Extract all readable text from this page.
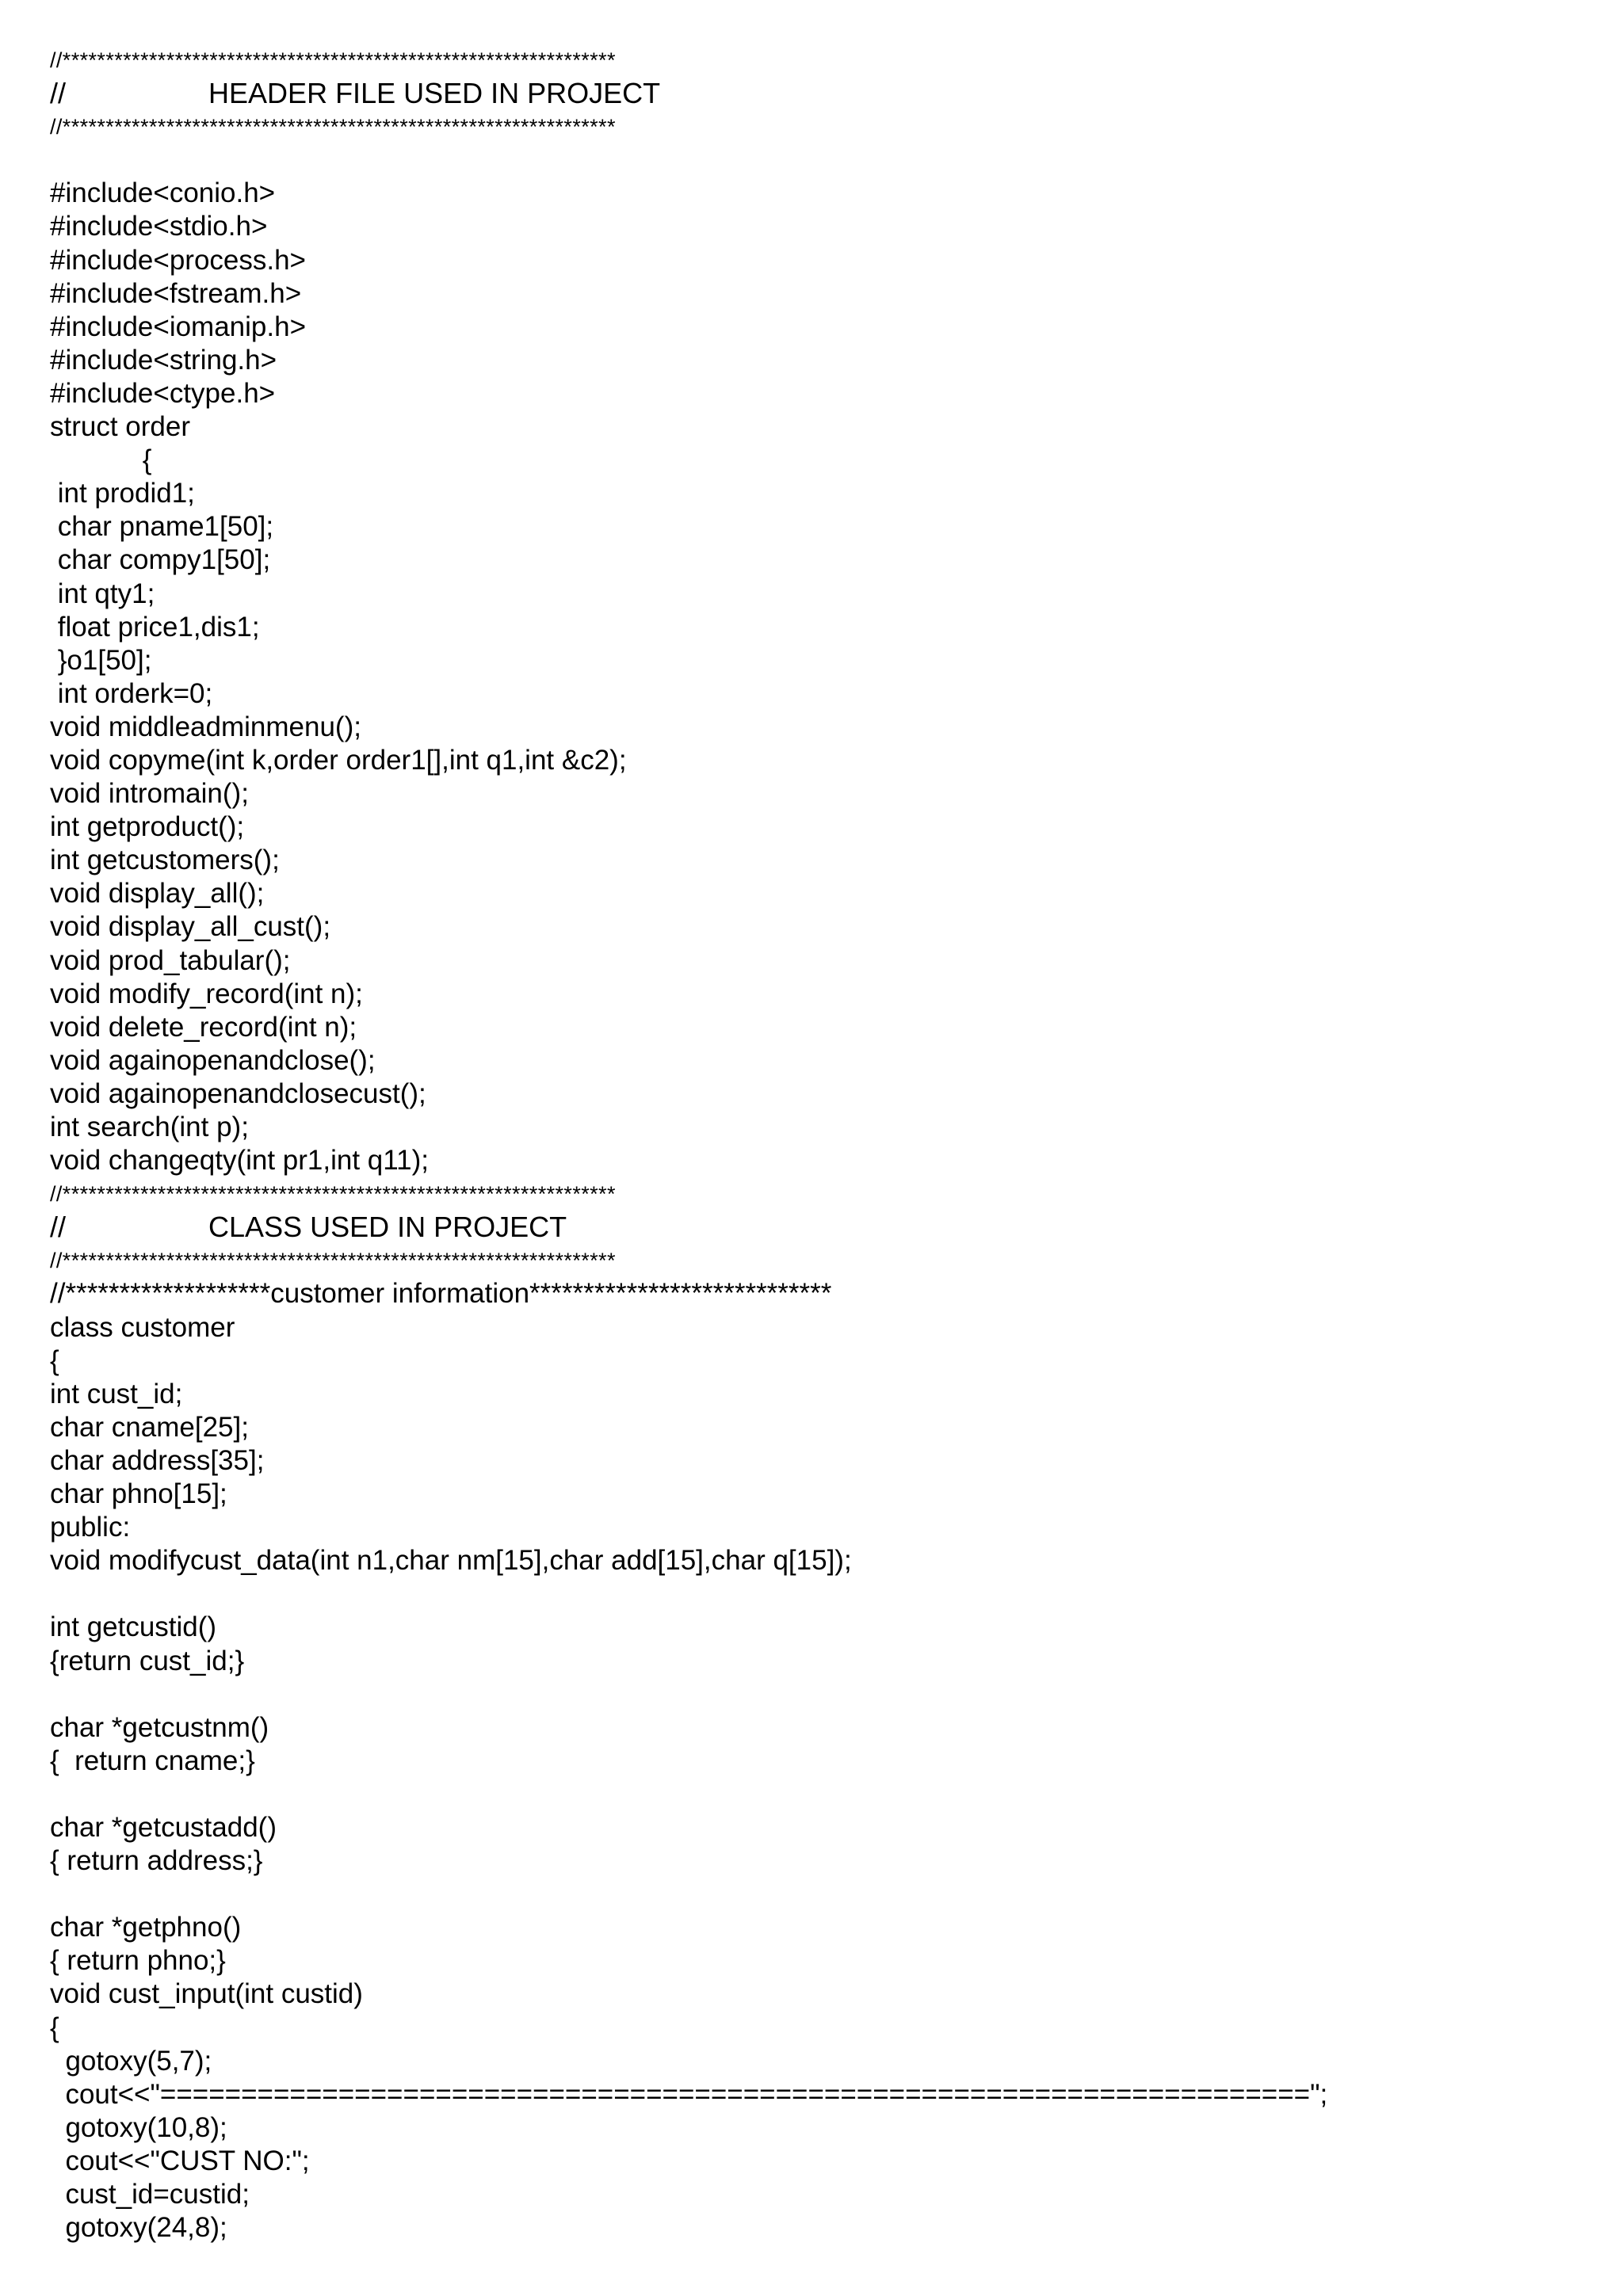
//****************************************************************
//                  HEADER FILE USED IN PROJECT
//****************************************************************
#include<conio.h>
#include<stdio.h>
#include<process.h>
#include<fstream.h>
#include<iomanip.h>
#include<string.h>
#include<ctype.h>
struct order
{
int prodid1;
char pname1[50];
char compy1[50];
int qty1;
float price1,dis1;
}o1[50];
int orderk=0;
void middleadminmenu();
void copyme(int k,order order1[],int q1,int &c2);
void intromain();
int getproduct();
int getcustomers();
void display_all();
void display_all_cust();
void prod_tabular();
void modify_record(int n);
void delete_record(int n);
void againopenandclose();
void againopenandclosecust();
int search(int p);
void changeqty(int pr1,int q11);
//****************************************************************
//                  CLASS USED IN PROJECT
//****************************************************************
//*******************customer information****************************
class customer
{
int cust_id;
char cname[25];
char address[35];
char phno[15];
public:
void modifycust_data(int n1,char nm[15],char add[15],char q[15]);
int getcustid()
{return cust_id;}
char *getcustnm()
{  return cname;}
char *getcustadd()
{ return address;}
char *getphno()
{ return phno;}
void cust_input(int custid)
{
gotoxy(5,7);
cout<<"=======================================================================";
gotoxy(10,8);
cout<<"CUST NO:";
cust_id=custid;
gotoxy(24,8);
